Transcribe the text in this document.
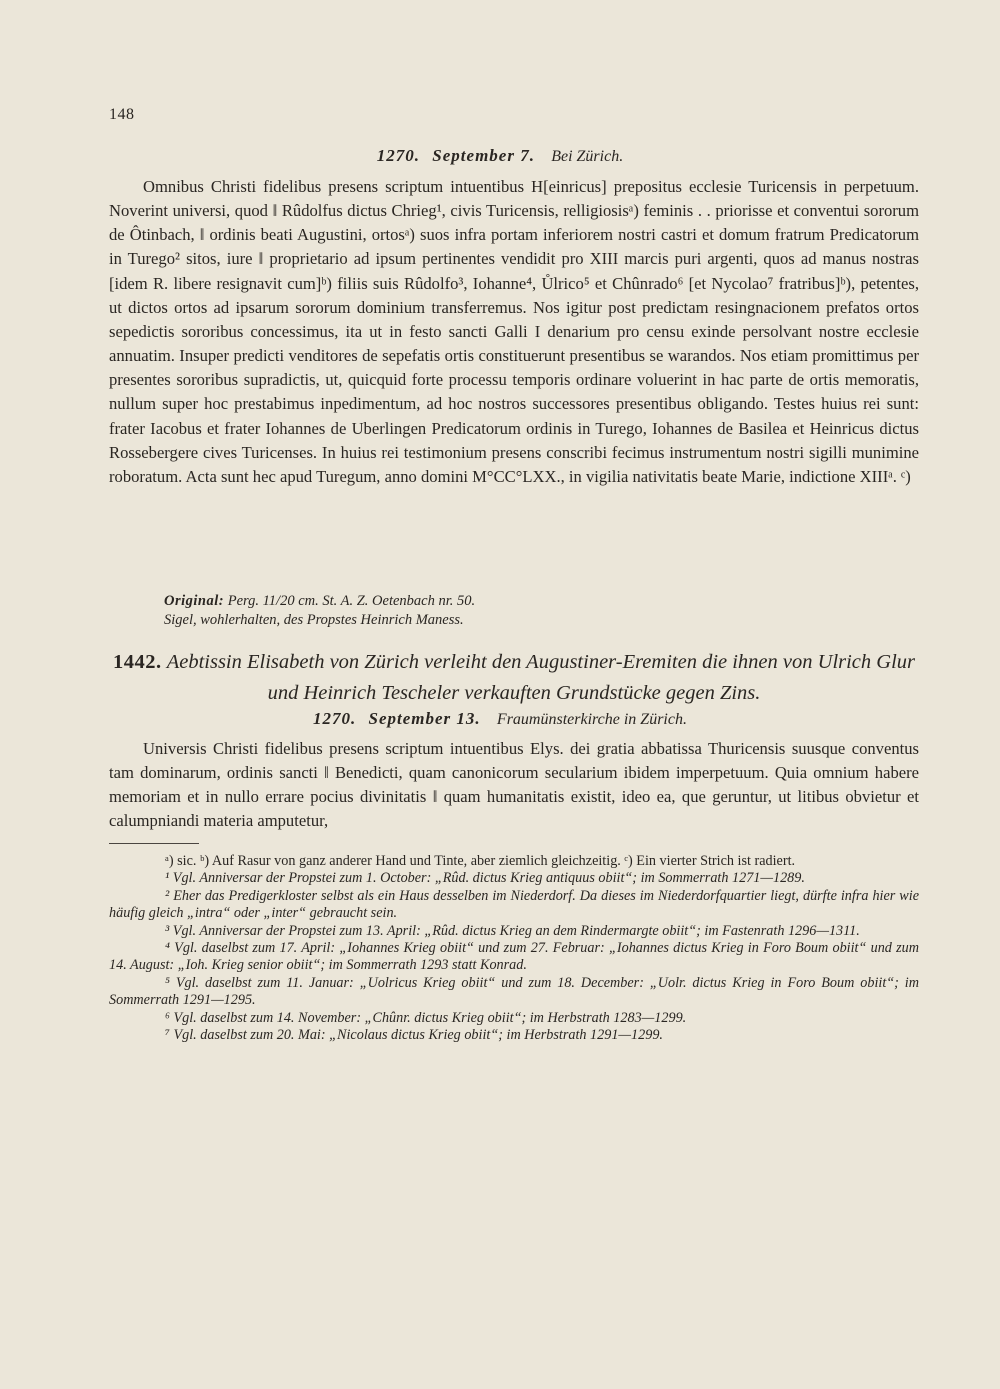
148
1270. September 7. Bei Zürich.

Omnibus Christi fidelibus presens scriptum intuentibus H[einricus] prepositus ecclesie Turicensis in perpetuum. Noverint universi, quod ‖ Rûdolfus dictus Chrieg¹, civis Turicensis, relligiosisᵃ) feminis . . priorisse et conventui sororum de Ôtinbach, ‖ ordinis beati Augustini, ortosᵃ) suos infra portam inferiorem nostri castri et domum fratrum Predicatorum in Turego² sitos, iure ‖ proprietario ad ipsum pertinentes vendidit pro XIII marcis puri argenti, quos ad manus nostras [idem R. libere resignavit cum]ᵇ) filiis suis Rûdolfo³, Iohanne⁴, Ůlrico⁵ et Chûnrado⁶ [et Nycolao⁷ fratribus]ᵇ), petentes, ut dictos ortos ad ipsarum sororum dominium transferremus. Nos igitur post predictam resingnacionem prefatos ortos sepedictis sororibus concessimus, ita ut in festo sancti Galli I denarium pro censu exinde persolvant nostre ecclesie annuatim. Insuper predicti venditores de sepefatis ortis constituerunt presentibus se warandos. Nos etiam promittimus per presentes sororibus supradictis, ut, quicquid forte processu temporis ordinare voluerint in hac parte de ortis memoratis, nullum super hoc prestabimus inpedimentum, ad hoc nostros successores presentibus obligando. Testes huius rei sunt: frater Iacobus et frater Iohannes de Uberlingen Predicatorum ordinis in Turego, Iohannes de Basilea et Heinricus dictus Rossebergere cives Turicenses. In huius rei testimonium presens conscribi fecimus instrumentum nostri sigilli munimine roboratum. Acta sunt hec apud Turegum, anno domini M°CC°LXX., in vigilia nativitatis beate Marie, indictione XIIIᵃ. ᶜ)

Original: Perg. 11/20 cm. St. A. Z. Oetenbach nr. 50.
Sigel, wohlerhalten, des Propstes Heinrich Maness.
1442. Aebtissin Elisabeth von Zürich verleiht den Augustiner-Eremiten die ihnen von Ulrich Glur und Heinrich Tescheler verkauften Grundstücke gegen Zins.
1270. September 13. Fraumünsterkirche in Zürich.

Universis Christi fidelibus presens scriptum intuentibus Elys. dei gratia abbatissa Thuricensis suusque conventus tam dominarum, ordinis sancti ‖ Benedicti, quam canonicorum secularium ibidem imperpetuum. Quia omnium habere memoriam et in nullo errare pocius divinitatis ‖ quam humanitatis existit, ideo ea, que geruntur, ut litibus obvietur et calumpniandi materia amputetur,

ᵃ) sic. ᵇ) Auf Rasur von ganz anderer Hand und Tinte, aber ziemlich gleichzeitig. ᶜ) Ein vierter Strich ist radiert.

¹ Vgl. Anniversar der Propstei zum 1. October: „Rûd. dictus Krieg antiquus obiit“; im Sommerrath 1271—1289.

² Eher das Predigerkloster selbst als ein Haus desselben im Niederdorf. Da dieses im Niederdorfquartier liegt, dürfte infra hier wie häufig gleich „intra“ oder „inter“ gebraucht sein.

³ Vgl. Anniversar der Propstei zum 13. April: „Rûd. dictus Krieg an dem Rindermargte obiit“; im Fastenrath 1296—1311.

⁴ Vgl. daselbst zum 17. April: „Iohannes Krieg obiit“ und zum 27. Februar: „Iohannes dictus Krieg in Foro Boum obiit“ und zum 14. August: „Ioh. Krieg senior obiit“; im Sommerrath 1293 statt Konrad.

⁵ Vgl. daselbst zum 11. Januar: „Uolricus Krieg obiit“ und zum 18. December: „Uolr. dictus Krieg in Foro Boum obiit“; im Sommerrath 1291—1295.

⁶ Vgl. daselbst zum 14. November: „Chûnr. dictus Krieg obiit“; im Herbstrath 1283—1299.

⁷ Vgl. daselbst zum 20. Mai: „Nicolaus dictus Krieg obiit“; im Herbstrath 1291—1299.
